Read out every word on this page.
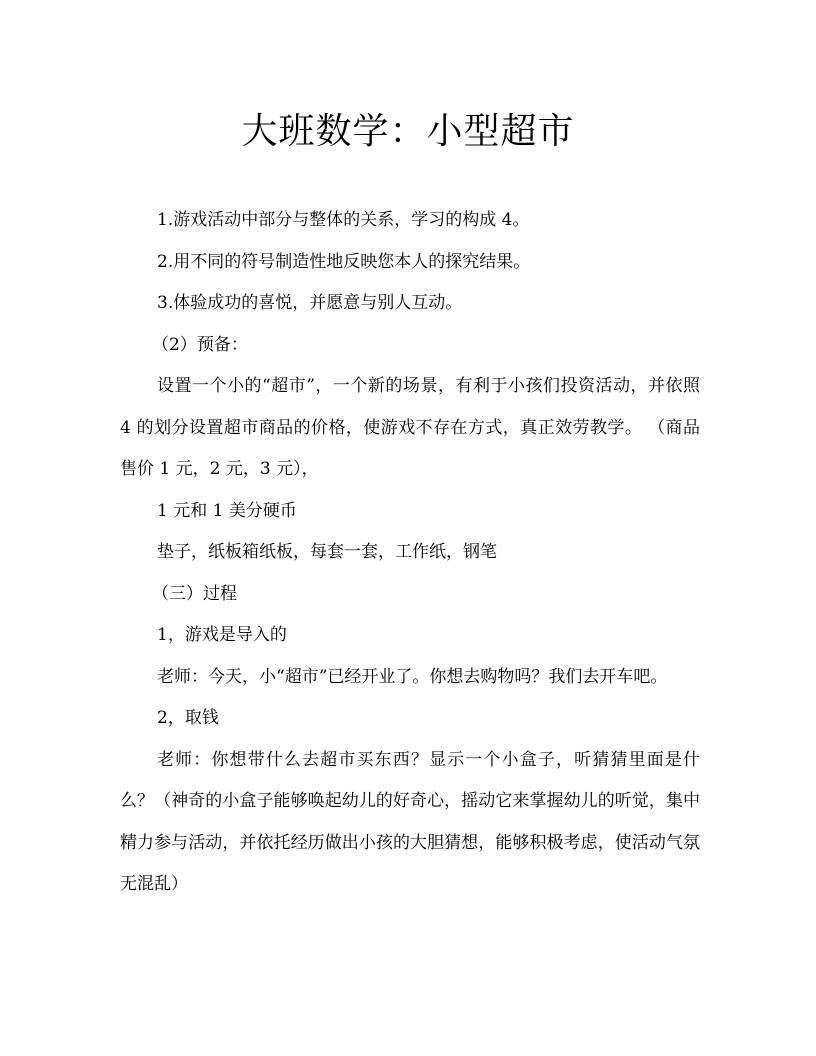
大班数学：小型超市

1.游戏活动中部分与整体的关系，学习的构成 4。

2.用不同的符号制造性地反映您本人的探究结果。

3.体验成功的喜悦，并愿意与别人互动。

（2）预备：

设置一个小的“超市”，一个新的场景，有利于小孩们投资活动，并依照 4 的划分设置超市商品的价格，使游戏不存在方式，真正效劳教学。 （商品售价 1 元，2 元，3 元），

1 元和 1 美分硬币

垫子，纸板箱纸板，每套一套，工作纸，钢笔

（三）过程

1，游戏是导入的

老师：今天，小“超市”已经开业了。你想去购物吗？我们去开车吧。

2，取钱

老师：你想带什么去超市买东西？显示一个小盒子，听猜猜里面是什么？（神奇的小盒子能够唤起幼儿的好奇心，摇动它来掌握幼儿的听觉，集中精力参与活动，并依托经历做出小孩的大胆猜想，能够积极考虑，使活动气氛无混乱）
